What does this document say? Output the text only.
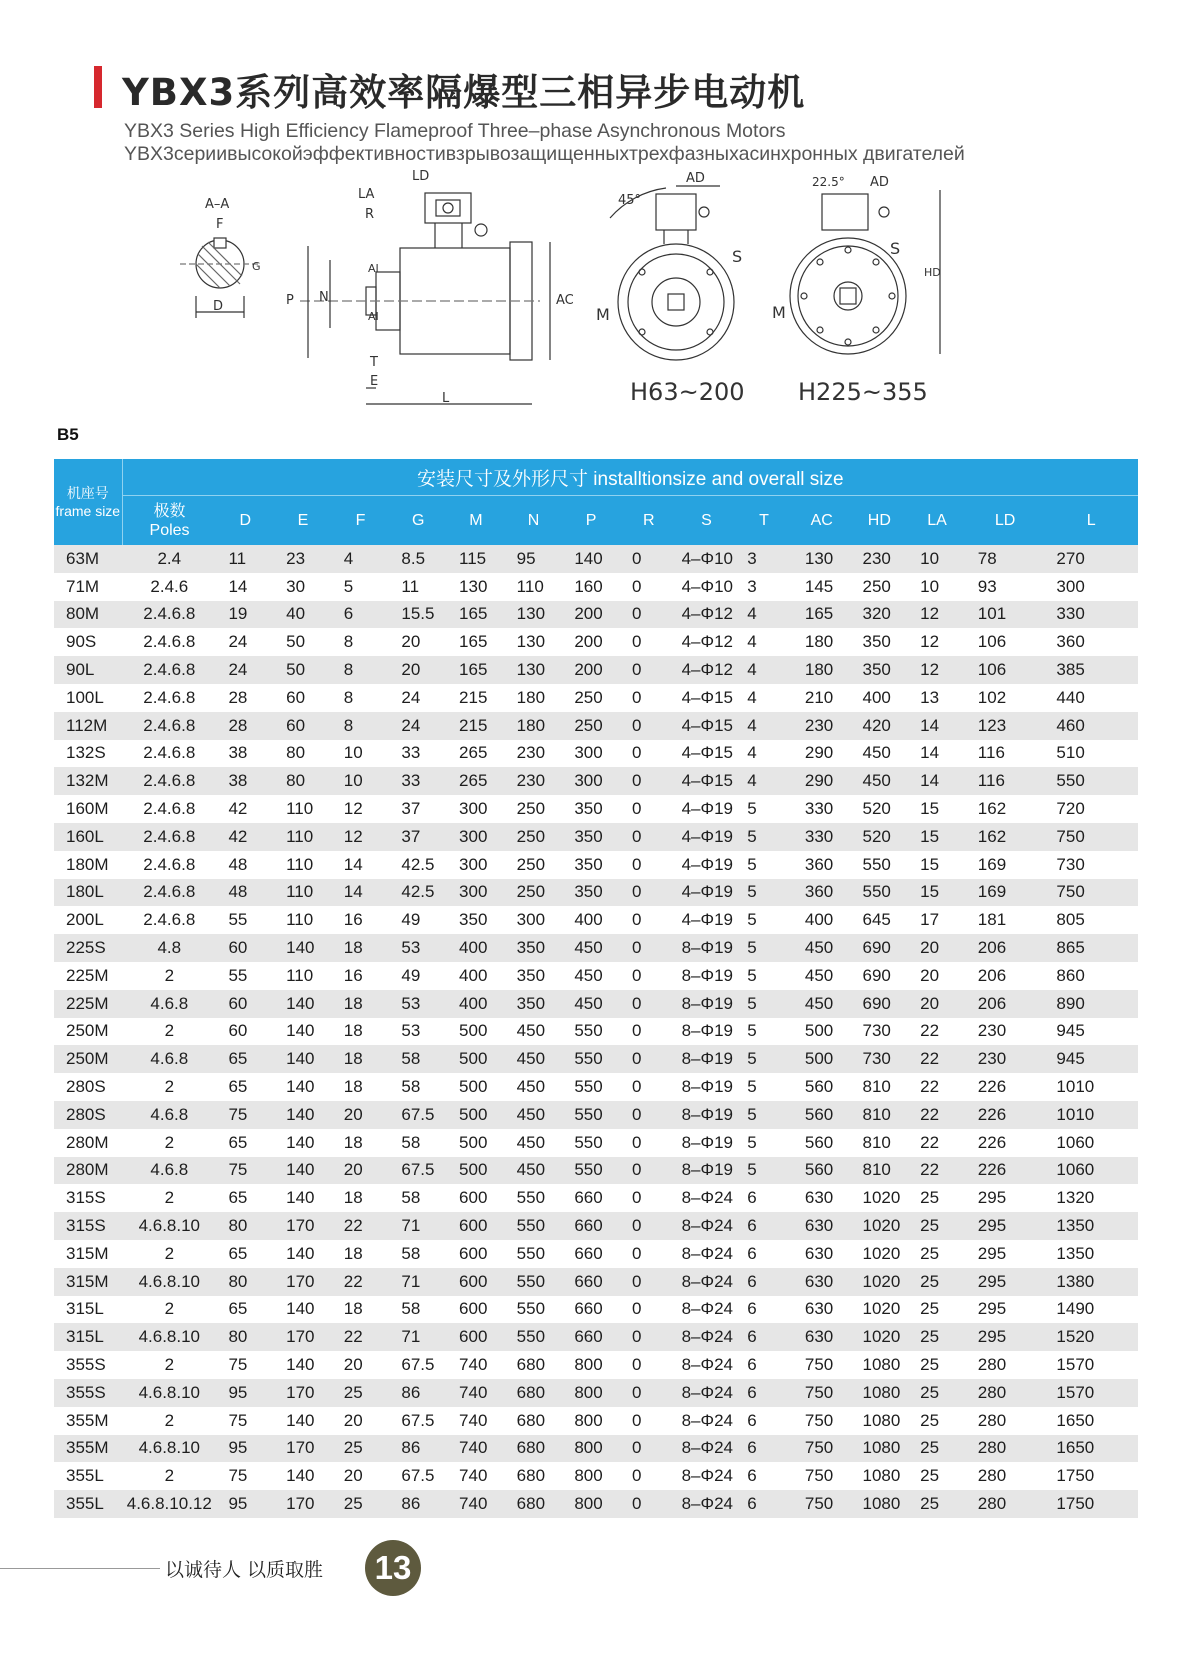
YBX3系列高效率隔爆型三相异步电动机
YBX3 Series High Efficiency Flameproof Three–phase Asynchronous Motors
YBX3сериивысокойэффективностивзрывозащищенныхтрехфазныхасинхронных двигателей
A–A
F
G
D
LA
LD
R
P N
AI
AI
AC
T
E
L
AD
45°
S
M
H63~200
AD
22.5°
S
M
HD
H225~355
B5
机座号
frame size	安装尺寸及外形尺寸 installtionsize and overall size															
	极数
Poles	D	E	F	G	M	N	P	R	S	T	AC	HD	LA	LD	L
63M	2.4	11	23	4	8.5	115	95	140	0	4–Φ10	3	130	230	10	78	270
71M	2.4.6	14	30	5	11	130	110	160	0	4–Φ10	3	145	250	10	93	300
80M	2.4.6.8	19	40	6	15.5	165	130	200	0	4–Φ12	4	165	320	12	101	330
90S	2.4.6.8	24	50	8	20	165	130	200	0	4–Φ12	4	180	350	12	106	360
90L	2.4.6.8	24	50	8	20	165	130	200	0	4–Φ12	4	180	350	12	106	385
100L	2.4.6.8	28	60	8	24	215	180	250	0	4–Φ15	4	210	400	13	102	440
112M	2.4.6.8	28	60	8	24	215	180	250	0	4–Φ15	4	230	420	14	123	460
132S	2.4.6.8	38	80	10	33	265	230	300	0	4–Φ15	4	290	450	14	116	510
132M	2.4.6.8	38	80	10	33	265	230	300	0	4–Φ15	4	290	450	14	116	550
160M	2.4.6.8	42	110	12	37	300	250	350	0	4–Φ19	5	330	520	15	162	720
160L	2.4.6.8	42	110	12	37	300	250	350	0	4–Φ19	5	330	520	15	162	750
180M	2.4.6.8	48	110	14	42.5	300	250	350	0	4–Φ19	5	360	550	15	169	730
180L	2.4.6.8	48	110	14	42.5	300	250	350	0	4–Φ19	5	360	550	15	169	750
200L	2.4.6.8	55	110	16	49	350	300	400	0	4–Φ19	5	400	645	17	181	805
225S	4.8	60	140	18	53	400	350	450	0	8–Φ19	5	450	690	20	206	865
225M	2	55	110	16	49	400	350	450	0	8–Φ19	5	450	690	20	206	860
225M	4.6.8	60	140	18	53	400	350	450	0	8–Φ19	5	450	690	20	206	890
250M	2	60	140	18	53	500	450	550	0	8–Φ19	5	500	730	22	230	945
250M	4.6.8	65	140	18	58	500	450	550	0	8–Φ19	5	500	730	22	230	945
280S	2	65	140	18	58	500	450	550	0	8–Φ19	5	560	810	22	226	1010
280S	4.6.8	75	140	20	67.5	500	450	550	0	8–Φ19	5	560	810	22	226	1010
280M	2	65	140	18	58	500	450	550	0	8–Φ19	5	560	810	22	226	1060
280M	4.6.8	75	140	20	67.5	500	450	550	0	8–Φ19	5	560	810	22	226	1060
315S	2	65	140	18	58	600	550	660	0	8–Φ24	6	630	1020	25	295	1320
315S	4.6.8.10	80	170	22	71	600	550	660	0	8–Φ24	6	630	1020	25	295	1350
315M	2	65	140	18	58	600	550	660	0	8–Φ24	6	630	1020	25	295	1350
315M	4.6.8.10	80	170	22	71	600	550	660	0	8–Φ24	6	630	1020	25	295	1380
315L	2	65	140	18	58	600	550	660	0	8–Φ24	6	630	1020	25	295	1490
315L	4.6.8.10	80	170	22	71	600	550	660	0	8–Φ24	6	630	1020	25	295	1520
355S	2	75	140	20	67.5	740	680	800	0	8–Φ24	6	750	1080	25	280	1570
355S	4.6.8.10	95	170	25	86	740	680	800	0	8–Φ24	6	750	1080	25	280	1570
355M	2	75	140	20	67.5	740	680	800	0	8–Φ24	6	750	1080	25	280	1650
355M	4.6.8.10	95	170	25	86	740	680	800	0	8–Φ24	6	750	1080	25	280	1650
355L	2	75	140	20	67.5	740	680	800	0	8–Φ24	6	750	1080	25	280	1750
355L	4.6.8.10.12	95	170	25	86	740	680	800	0	8–Φ24	6	750	1080	25	280	1750
以诚待人 以质取胜 13
